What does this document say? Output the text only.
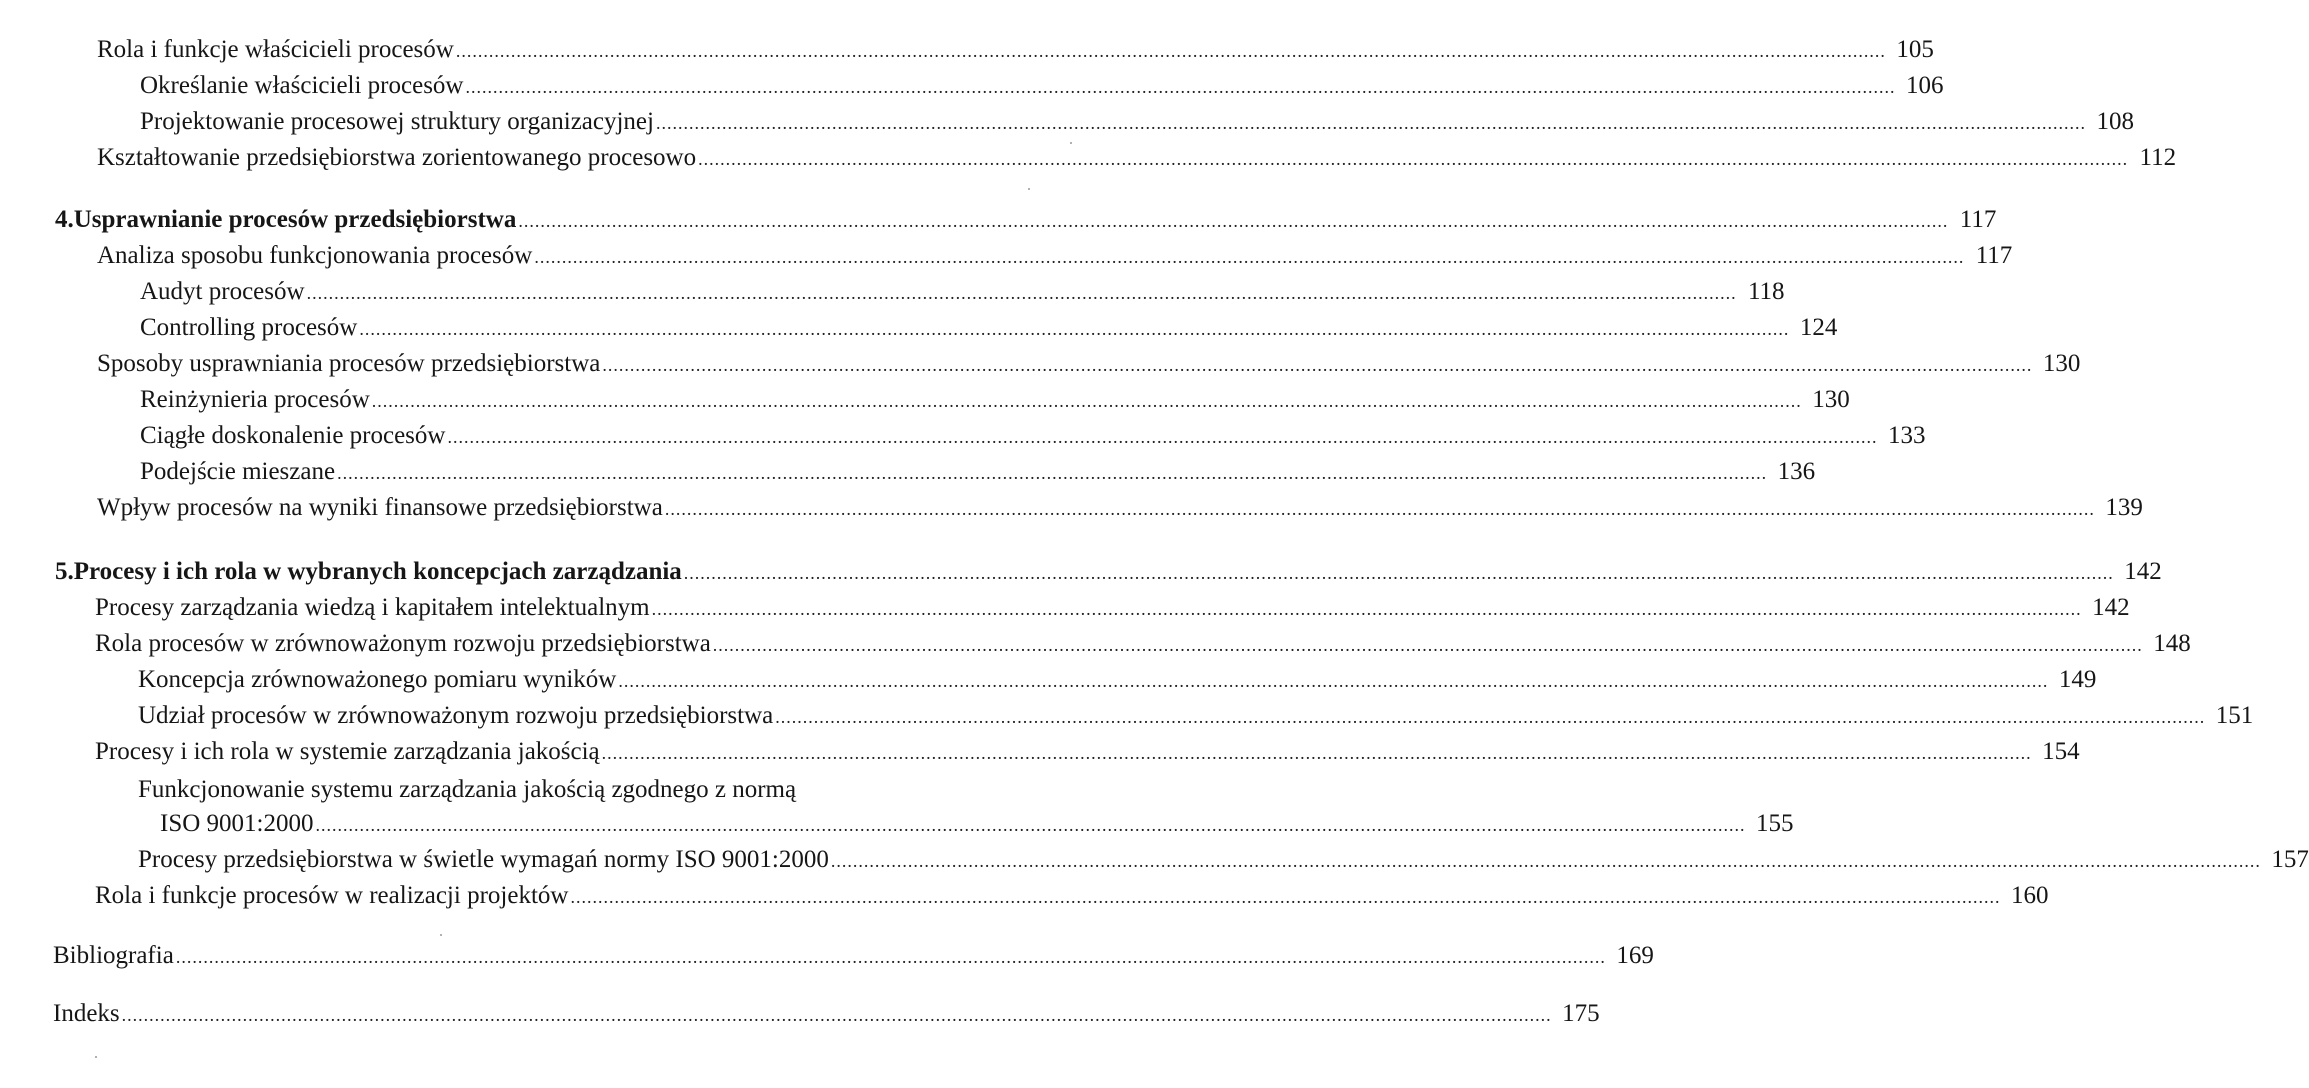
Rola i funkcje właścicieli procesów .................................................................................................................................................................................................................................................................... 105
Określanie właścicieli procesów .................................................................................................................................................................................................................................................................... 106
Projektowanie procesowej struktury organizacyjnej .................................................................................................................................................................................................................................................................... 108
Kształtowanie przedsiębiorstwa zorientowanego procesowo .................................................................................................................................................................................................................................................................... 112
4. Usprawnianie procesów przedsiębiorstwa .................................................................................................................................................................................................................................................................... 117
Analiza sposobu funkcjonowania procesów .................................................................................................................................................................................................................................................................... 117
Audyt procesów .................................................................................................................................................................................................................................................................... 118
Controlling procesów .................................................................................................................................................................................................................................................................... 124
Sposoby usprawniania procesów przedsiębiorstwa .................................................................................................................................................................................................................................................................... 130
Reinżynieria procesów .................................................................................................................................................................................................................................................................... 130
Ciągłe doskonalenie procesów .................................................................................................................................................................................................................................................................... 133
Podejście mieszane .................................................................................................................................................................................................................................................................... 136
Wpływ procesów na wyniki finansowe przedsiębiorstwa .................................................................................................................................................................................................................................................................... 139
5. Procesy i ich rola w wybranych koncepcjach zarządzania .................................................................................................................................................................................................................................................................... 142
Procesy zarządzania wiedzą i kapitałem intelektualnym .................................................................................................................................................................................................................................................................... 142
Rola procesów w zrównoważonym rozwoju przedsiębiorstwa .................................................................................................................................................................................................................................................................... 148
Koncepcja zrównoważonego pomiaru wyników .................................................................................................................................................................................................................................................................... 149
Udział procesów w zrównoważonym rozwoju przedsiębiorstwa .................................................................................................................................................................................................................................................................... 151
Procesy i ich rola w systemie zarządzania jakością .................................................................................................................................................................................................................................................................... 154
Funkcjonowanie systemu zarządzania jakością zgodnego z normą
ISO 9001:2000 .................................................................................................................................................................................................................................................................... 155
Procesy przedsiębiorstwa w świetle wymagań normy ISO 9001:2000 .................................................................................................................................................................................................................................................................... 157
Rola i funkcje procesów w realizacji projektów .................................................................................................................................................................................................................................................................... 160
Bibliografia .................................................................................................................................................................................................................................................................... 169
Indeks .................................................................................................................................................................................................................................................................... 175
